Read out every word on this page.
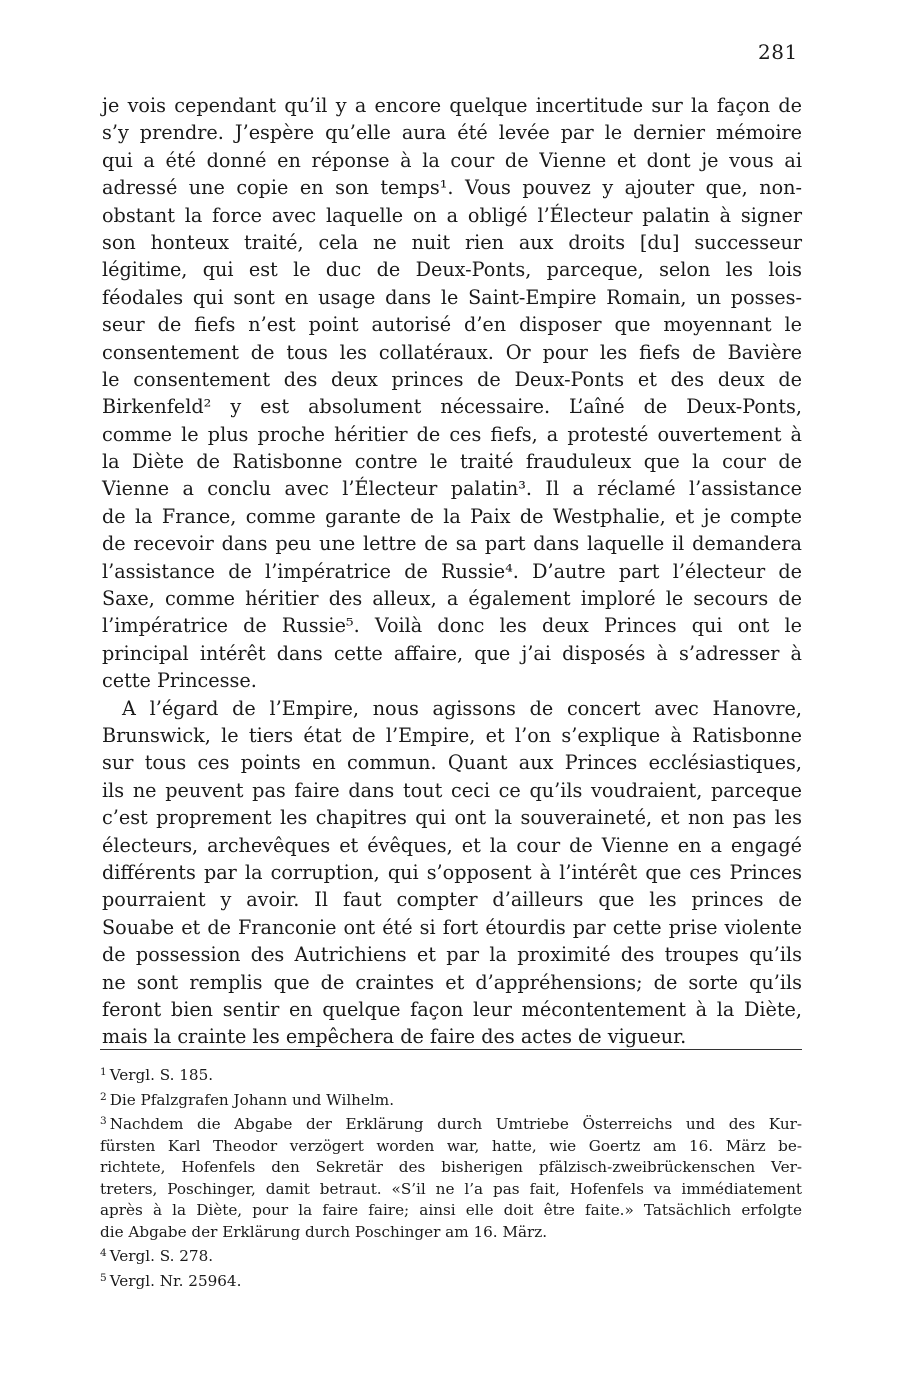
281
je vois cependant qu’il y a encore quelque incertitude sur la façon de
s’y prendre. J’espère qu’elle aura été levée par le dernier mémoire
qui a été donné en réponse à la cour de Vienne et dont je vous ai
adressé une copie en son temps¹. Vous pouvez y ajouter que, non-
obstant la force avec laquelle on a obligé l’Électeur palatin à signer
son honteux traité, cela ne nuit rien aux droits [du] successeur
légitime, qui est le duc de Deux-Ponts, parceque, selon les lois
féodales qui sont en usage dans le Saint-Empire Romain, un posses-
seur de fiefs n’est point autorisé d’en disposer que moyennant le
consentement de tous les collatéraux. Or pour les fiefs de Bavière
le consentement des deux princes de Deux-Ponts et des deux de
Birkenfeld² y est absolument nécessaire. L’aîné de Deux-Ponts,
comme le plus proche héritier de ces fiefs, a protesté ouvertement à
la Diète de Ratisbonne contre le traité frauduleux que la cour de
Vienne a conclu avec l’Électeur palatin³. Il a réclamé l’assistance
de la France, comme garante de la Paix de Westphalie, et je compte
de recevoir dans peu une lettre de sa part dans laquelle il demandera
l’assistance de l’impératrice de Russie⁴. D’autre part l’électeur de
Saxe, comme héritier des alleux, a également imploré le secours de
l’impératrice de Russie⁵. Voilà donc les deux Princes qui ont le
principal intérêt dans cette affaire, que j’ai disposés à s’adresser à
cette Princesse.
A l’égard de l’Empire, nous agissons de concert avec Hanovre,
Brunswick, le tiers état de l’Empire, et l’on s’explique à Ratisbonne
sur tous ces points en commun. Quant aux Princes ecclésiastiques,
ils ne peuvent pas faire dans tout ceci ce qu’ils voudraient, parceque
c’est proprement les chapitres qui ont la souveraineté, et non pas les
électeurs, archevêques et évêques, et la cour de Vienne en a engagé
différents par la corruption, qui s’opposent à l’intérêt que ces Princes
pourraient y avoir. Il faut compter d’ailleurs que les princes de
Souabe et de Franconie ont été si fort étourdis par cette prise violente
de possession des Autrichiens et par la proximité des troupes qu’ils
ne sont remplis que de craintes et d’appréhensions; de sorte qu’ils
feront bien sentir en quelque façon leur mécontentement à la Diète,
mais la crainte les empêchera de faire des actes de vigueur.
$^1$ Vergl. S. 185.
$^2$ Die Pfalzgrafen Johann und Wilhelm.
$^3$ Nachdem die Abgabe der Erklärung durch Umtriebe Österreichs und des Kur-
fürsten Karl Theodor verzögert worden war, hatte, wie Goertz am 16. März be-
richtete, Hofenfels den Sekretär des bisherigen pfälzisch-zweibrückenschen Ver-
treters, Poschinger, damit betraut. «S’il ne l’a pas fait, Hofenfels va immédiatement
après à la Diète, pour la faire faire; ainsi elle doit être faite.» Tatsächlich erfolgte
die Abgabe der Erklärung durch Poschinger am 16. März.
$^4$ Vergl. S. 278.
$^5$ Vergl. Nr. 25964.
